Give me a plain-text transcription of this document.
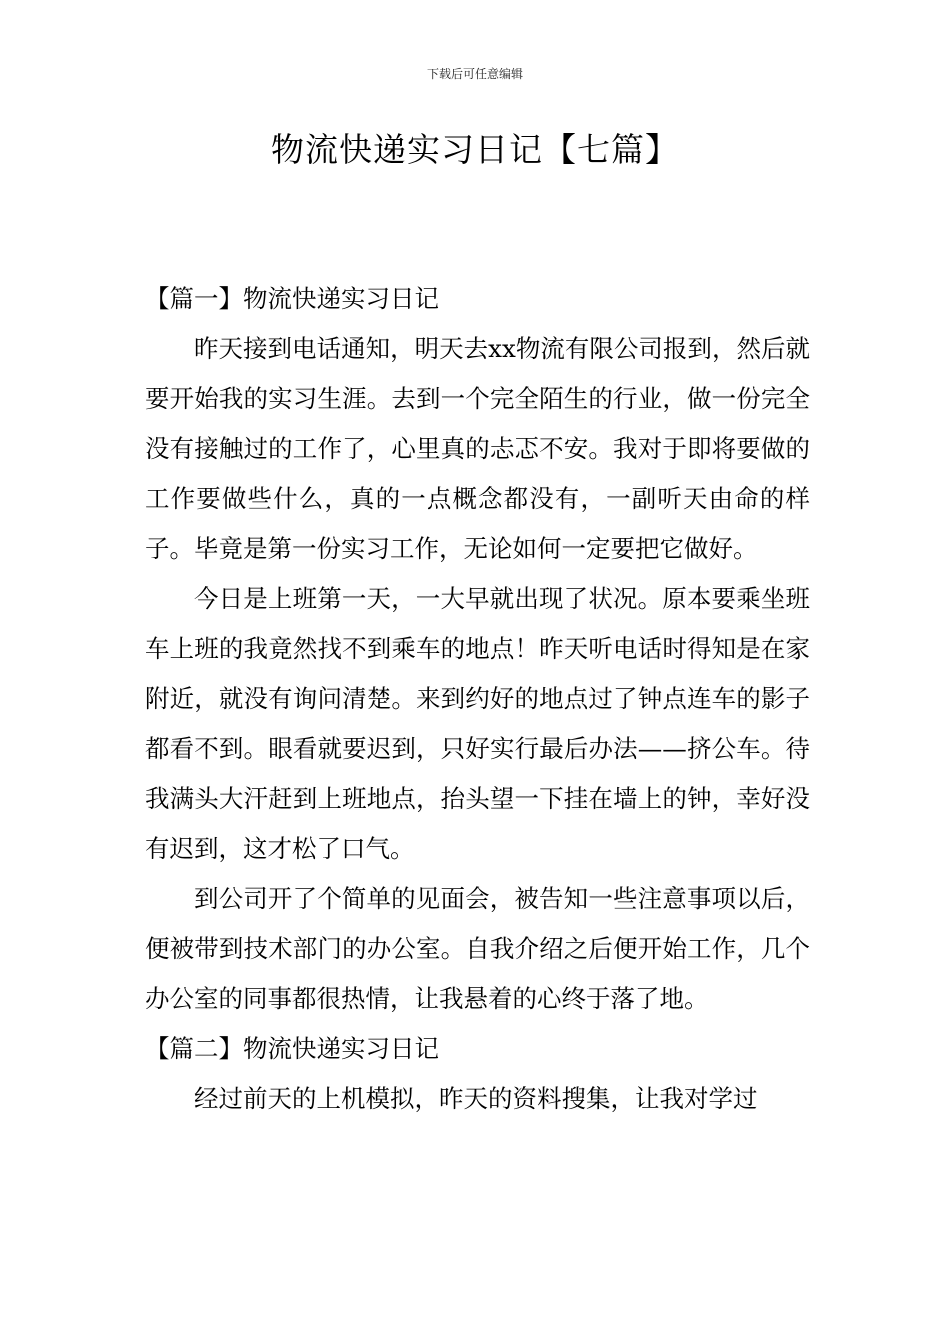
下载后可任意编辑
物流快递实习日记【七篇】
【篇一】物流快递实习日记

昨天接到电话通知，明天去xx物流有限公司报到，然后就要开始我的实习生涯。去到一个完全陌生的行业，做一份完全没有接触过的工作了，心里真的忐忑不安。我对于即将要做的工作要做些什么，真的一点概念都没有，一副听天由命的样子。毕竟是第一份实习工作，无论如何一定要把它做好。

今日是上班第一天，一大早就出现了状况。原本要乘坐班车上班的我竟然找不到乘车的地点！昨天听电话时得知是在家附近，就没有询问清楚。来到约好的地点过了钟点连车的影子都看不到。眼看就要迟到，只好实行最后办法——挤公车。待我满头大汗赶到上班地点，抬头望一下挂在墙上的钟，幸好没有迟到，这才松了口气。

到公司开了个简单的见面会，被告知一些注意事项以后，便被带到技术部门的办公室。自我介绍之后便开始工作，几个办公室的同事都很热情，让我悬着的心终于落了地。

【篇二】物流快递实习日记

经过前天的上机模拟，昨天的资料搜集，让我对学过
